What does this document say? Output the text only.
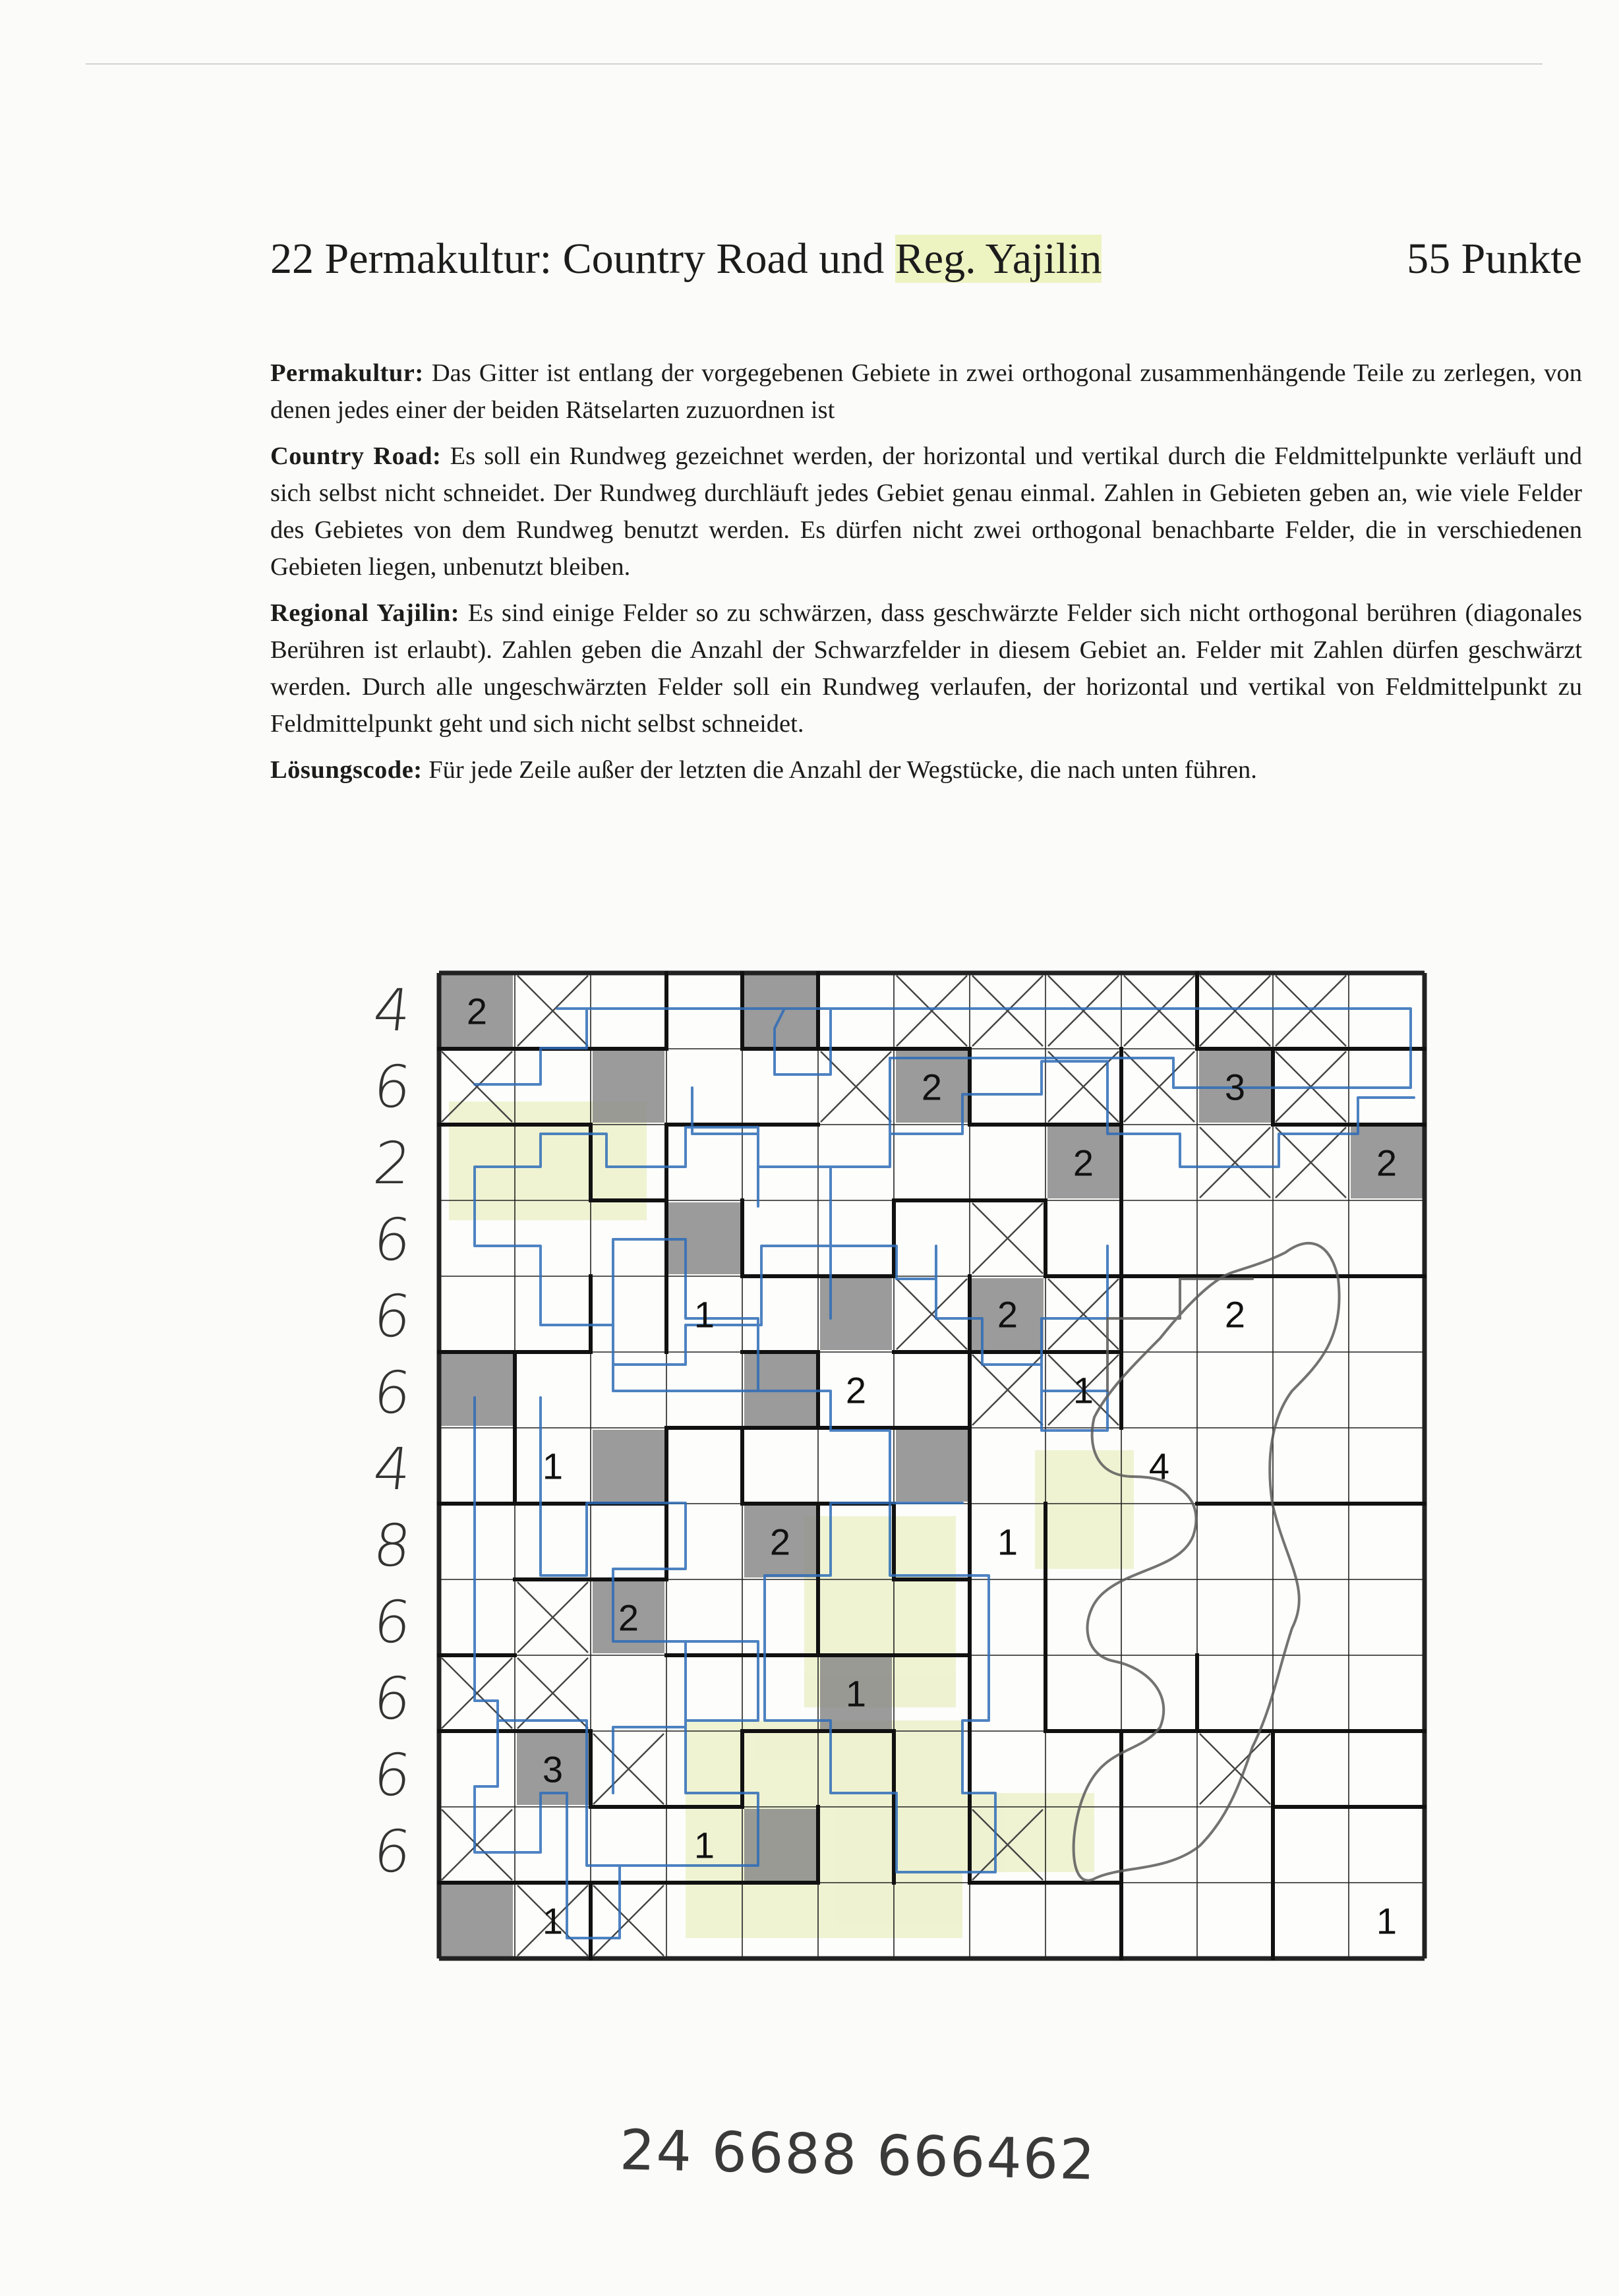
22 Permakultur: Country Road und Reg. Yajilin	55 Punkte

Permakultur: Das Gitter ist entlang der vorgegebenen Gebiete in zwei orthogonal zusammenhängende Teile zu zerlegen, von denen jedes einer der beiden Rätselarten zuzuordnen ist

Country Road: Es soll ein Rundweg gezeichnet werden, der horizontal und vertikal durch die Feldmittelpunkte verläuft und sich selbst nicht schneidet. Der Rundweg durchläuft jedes Gebiet genau einmal. Zahlen in Gebieten geben an, wie viele Felder des Gebietes von dem Rundweg benutzt werden. Es dürfen nicht zwei orthogonal benachbarte Felder, die in verschiedenen Gebieten liegen, unbenutzt bleiben.

Regional Yajilin: Es sind einige Felder so zu schwärzen, dass geschwärzte Felder sich nicht orthogonal berühren (diagonales Berühren ist erlaubt). Zahlen geben die Anzahl der Schwarzfelder in diesem Gebiet an. Felder mit Zahlen dürfen geschwärzt werden. Durch alle ungeschwärzten Felder soll ein Rundweg verlaufen, der horizontal und vertikal von Feldmittelpunkt zu Feldmittelpunkt geht und sich nicht selbst schneidet.

Lösungscode: Für jede Zeile außer der letzten die Anzahl der Wegstücke, die nach unten führen.

4
6
2
6
6
6
4
8
6
6
6
6
2
2	3
2	2
1	2	2
2	1
1	4
2	1
2
1
3
1
1	1
24 6688 666462
